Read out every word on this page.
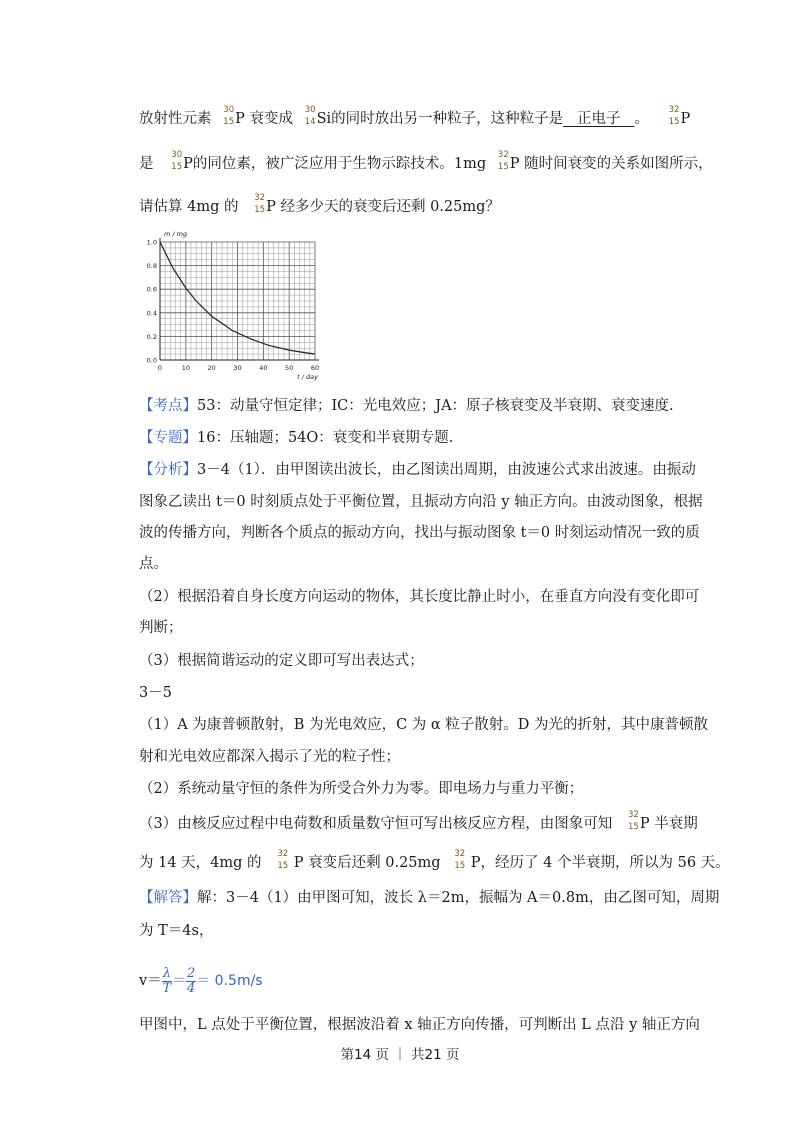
放射性元素
30
15 P 衰变成
30
14 Si的同时放出另一种粒子，这种粒子是 正电子 。
32
15 P
是
30
15 P的同位素，被广泛应用于生物示踪技术。1mg
32
15 P 随时间衰变的关系如图所示，
请估算 4mg 的
32
15 P 经多少天的衰变后还剩 0.25mg？
1.0
0.8
0.6
0.4
0.2
0.0
0	10	20	30	40	50	60
m / mg
t / day
【考点】53：动量守恒定律；IC：光电效应；JA：原子核衰变及半衰期、衰变速度.
【专题】16：压轴题；54O：衰变和半衰期专题.
【分析】3－4（1）．由甲图读出波长，由乙图读出周期，由波速公式求出波速。由振动
图象乙读出 t＝0 时刻质点处于平衡位置，且振动方向沿 y 轴正方向。由波动图象，根据
波的传播方向，判断各个质点的振动方向，找出与振动图象 t＝0 时刻运动情况一致的质
点。
（2）根据沿着自身长度方向运动的物体，其长度比静止时小，在垂直方向没有变化即可
判断；
（3）根据简谐运动的定义即可写出表达式；
3－5
（1）A 为康普顿散射，B 为光电效应，C 为 α 粒子散射。D 为光的折射，其中康普顿散
射和光电效应都深入揭示了光的粒子性；
（2）系统动量守恒的条件为所受合外力为零。即电场力与重力平衡；
（3）由核反应过程中电荷数和质量数守恒可写出核反应方程，由图象可知
32
15 P 半衰期
为 14 天，4mg 的
32
15 P 衰变后还剩 0.25mg
32
15 P，经历了 4 个半衰期，所以为 56 天。
【解答】解：3－4（1）由甲图可知，波长 λ＝2m，振幅为 A＝0.8m，由乙图可知，周期
为 T＝4s，
$v= \frac{\lambda}{T} = \frac{2}{4} = 0.5m/s$
甲图中，L 点处于平衡位置，根据波沿着 x 轴正方向传播，可判断出 L 点沿 y 轴正方向
第14 页 ｜ 共21 页
